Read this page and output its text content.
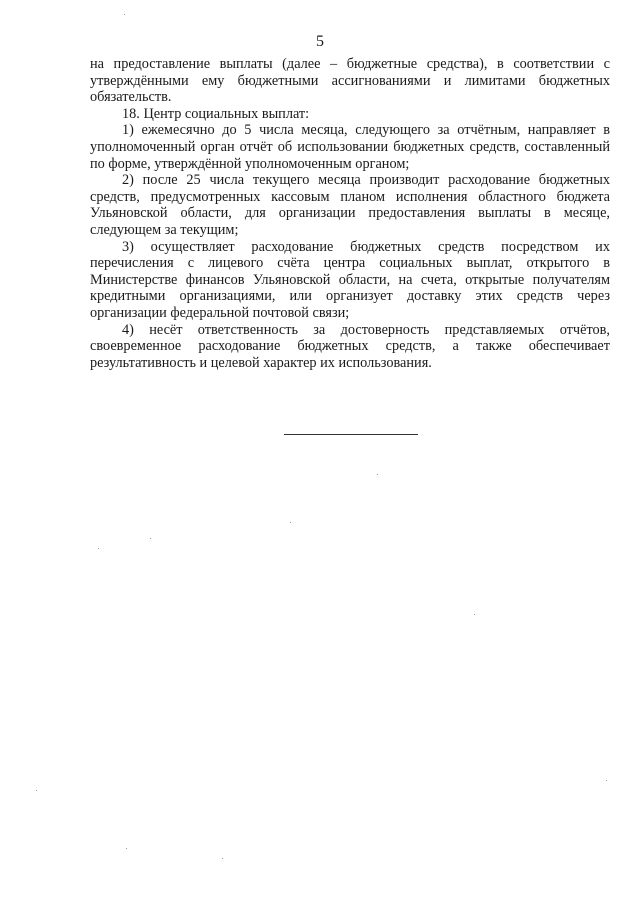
5

на предоставление выплаты (далее – бюджетные средства), в соответствии с утверждёнными ему бюджетными ассигнованиями и лимитами бюджетных обязательств.

18. Центр социальных выплат:

1) ежемесячно до 5 числа месяца, следующего за отчётным, направляет в уполномоченный орган отчёт об использовании бюджетных средств, составленный по форме, утверждённой уполномоченным органом;

2) после 25 числа текущего месяца производит расходование бюджетных средств, предусмотренных кассовым планом исполнения областного бюджета Ульяновской области, для организации предоставления выплаты в месяце, следующем за текущим;

3) осуществляет расходование бюджетных средств посредством их перечисления с лицевого счёта центра социальных выплат, открытого в Министерстве финансов Ульяновской области, на счета, открытые получателям кредитными организациями, или организует доставку этих средств через организации федеральной почтовой связи;

4) несёт ответственность за достоверность представляемых отчётов, своевременное расходование бюджетных средств, а также обеспечивает результативность и целевой характер их использования.
